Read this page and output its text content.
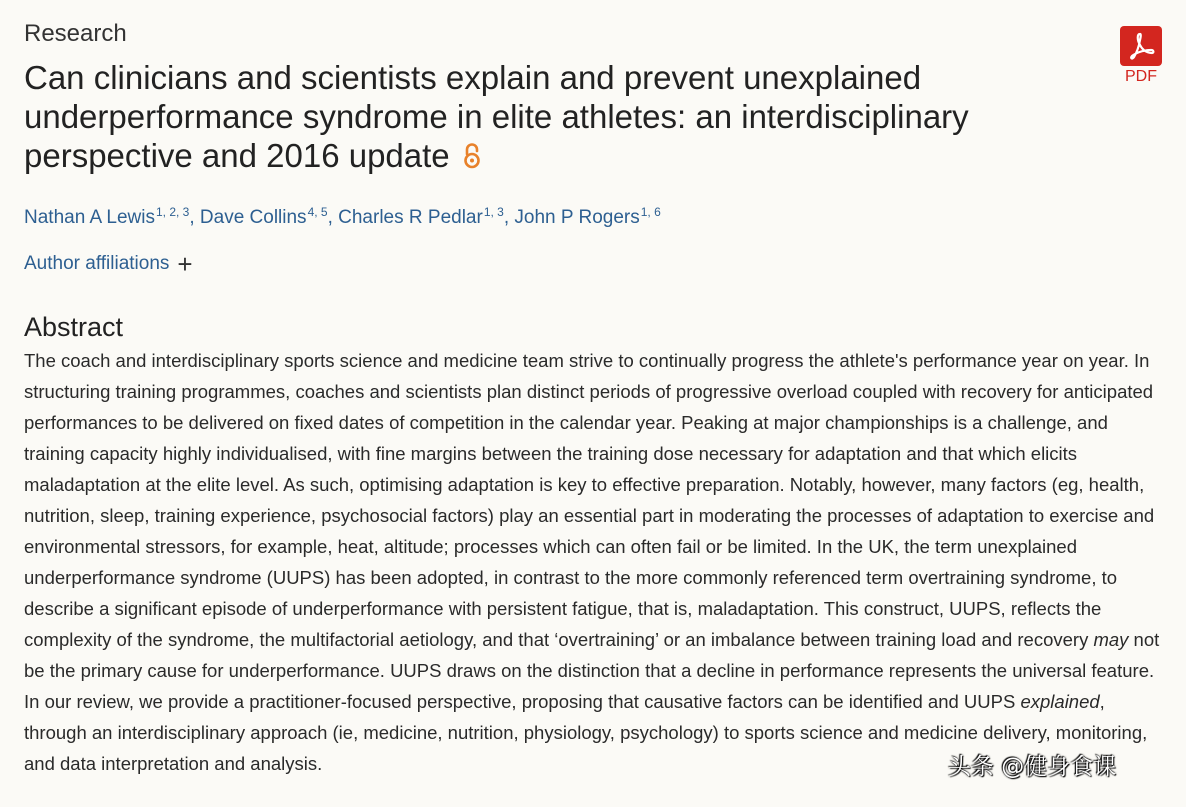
Research
Can clinicians and scientists explain and prevent unexplained underperformance syndrome in elite athletes: an interdisciplinary perspective and 2016 update
Nathan A Lewis$^{1, 2, 3}$, Dave Collins$^{4, 5}$, Charles R Pedlar$^{1, 3}$, John P Rogers$^{1, 6}$
Author affiliations +
Abstract

The coach and interdisciplinary sports science and medicine team strive to continually progress the athlete's performance year on year. In structuring training programmes, coaches and scientists plan distinct periods of progressive overload coupled with recovery for anticipated performances to be delivered on fixed dates of competition in the calendar year. Peaking at major championships is a challenge, and training capacity highly individualised, with fine margins between the training dose necessary for adaptation and that which elicits maladaptation at the elite level. As such, optimising adaptation is key to effective preparation. Notably, however, many factors (eg, health, nutrition, sleep, training experience, psychosocial factors) play an essential part in moderating the processes of adaptation to exercise and environmental stressors, for example, heat, altitude; processes which can often fail or be limited. In the UK, the term unexplained underperformance syndrome (UUPS) has been adopted, in contrast to the more commonly referenced term overtraining syndrome, to describe a significant episode of underperformance with persistent fatigue, that is, maladaptation. This construct, UUPS, reflects the complexity of the syndrome, the multifactorial aetiology, and that ‘overtraining’ or an imbalance between training load and recovery may not be the primary cause for underperformance. UUPS draws on the distinction that a decline in performance represents the universal feature. In our review, we provide a practitioner-focused perspective, proposing that causative factors can be identified and UUPS explained, through an interdisciplinary approach (ie, medicine, nutrition, physiology, psychology) to sports science and medicine delivery, monitoring, and data interpretation and analysis.

PDF
头条 @健身食课
